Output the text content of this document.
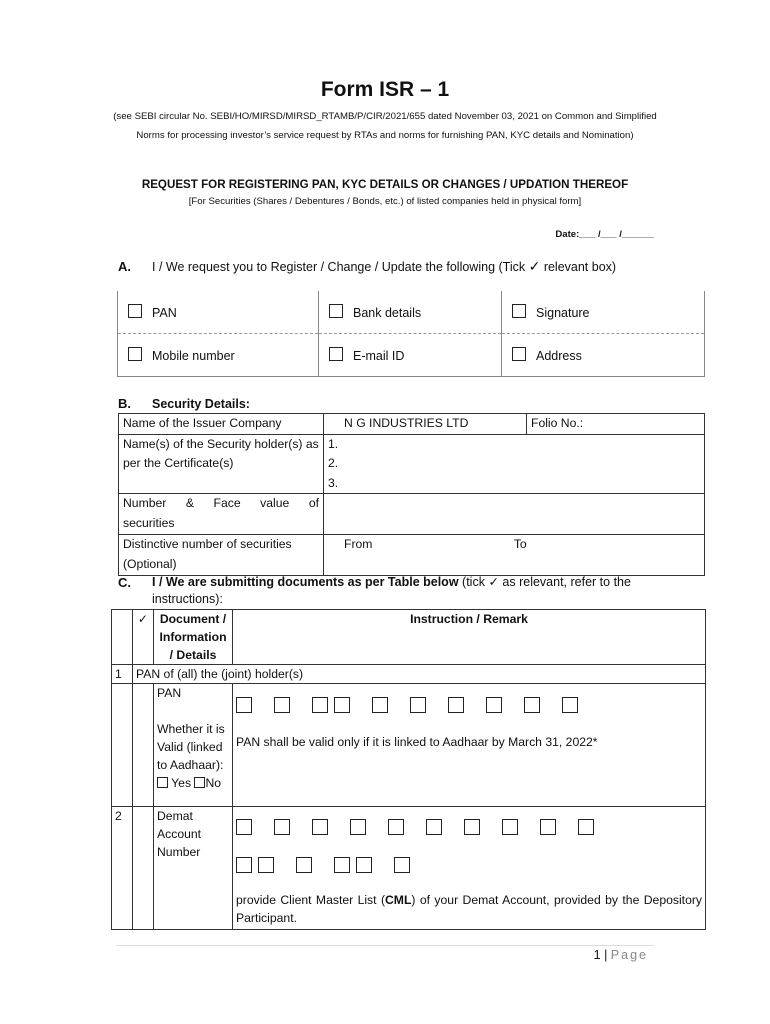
Form ISR – 1
(see SEBI circular No. SEBI/HO/MIRSD/MIRSD_RTAMB/P/CIR/2021/655 dated November 03, 2021 on Common and Simplified Norms for processing investor’s service request by RTAs and norms for furnishing PAN, KYC details and Nomination)
REQUEST FOR REGISTERING PAN, KYC DETAILS OR CHANGES / UPDATION THEREOF
[For Securities (Shares / Debentures / Bonds, etc.) of listed companies held in physical form]
Date:___ /___ /______
A. I / We request you to Register / Change / Update the following (Tick ✓ relevant box)
PAN	Bank details	Signature
Mobile number	E-mail ID	Address
B. Security Details:
Name of the Issuer Company	N G INDUSTRIES LTD	Folio No.:
Name(s) of the Security holder(s) as per the Certificate(s)	1.
2.
3.	

Number & Face value of securities		
Distinctive number of securities (Optional)	From To	
C.	I / We are submitting documents as per Table below (tick ✓ as relevant, refer to the instructions):
	✓	Document / Information / Details	Instruction / Remark
1	PAN of (all) the (joint) holder(s)		

		PAN
Whether it is Valid (linked to Aadhaar):
Yes No	PAN shall be valid only if it is linked to Aadhaar by March 31, 2022*

2		Demat Account Number	provide Client Master List (CML) of your Demat Account, provided by the Depository Participant.
1 | Page
